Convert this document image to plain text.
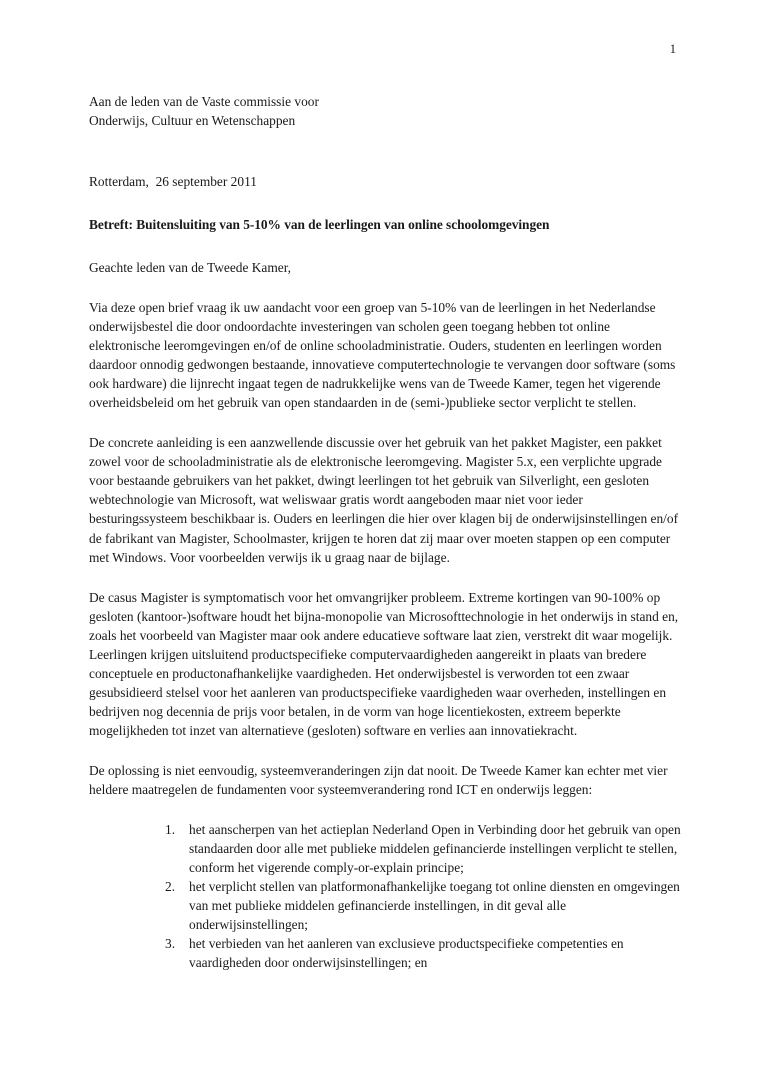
1
Aan de leden van de Vaste commissie voor
Onderwijs, Cultuur en Wetenschappen
Rotterdam,  26 september 2011
Betreft: Buitensluiting van 5-10% van de leerlingen van online schoolomgevingen
Geachte leden van de Tweede Kamer,

Via deze open brief vraag ik uw aandacht voor een groep van 5-10% van de leerlingen in het Nederlandse onderwijsbestel die door ondoordachte investeringen van scholen geen toegang hebben tot online elektronische leeromgevingen en/of de online schooladministratie. Ouders, studenten en leerlingen worden daardoor onnodig gedwongen bestaande, innovatieve computertechnologie te vervangen door software (soms ook hardware) die lijnrecht ingaat tegen de nadrukkelijke wens van de Tweede Kamer, tegen het vigerende overheidsbeleid om het gebruik van open standaarden in de (semi-)publieke sector verplicht te stellen.

De concrete aanleiding is een aanzwellende discussie over het gebruik van het pakket Magister, een pakket zowel voor de schooladministratie als de elektronische leeromgeving. Magister 5.x, een verplichte upgrade voor bestaande gebruikers van het pakket, dwingt leerlingen tot het gebruik van Silverlight, een gesloten webtechnologie van Microsoft, wat weliswaar gratis wordt aangeboden maar niet voor ieder besturingssysteem beschikbaar is. Ouders en leerlingen die hier over klagen bij de onderwijsinstellingen en/of de fabrikant van Magister, Schoolmaster, krijgen te horen dat zij maar over moeten stappen op een computer met Windows. Voor voorbeelden verwijs ik u graag naar de bijlage.

De casus Magister is symptomatisch voor het omvangrijker probleem. Extreme kortingen van 90-100% op gesloten (kantoor-)software houdt het bijna-monopolie van Microsofttechnologie in het onderwijs in stand en, zoals het voorbeeld van Magister maar ook andere educatieve software laat zien, verstrekt dit waar mogelijk. Leerlingen krijgen uitsluitend productspecifieke computervaardigheden aangereikt in plaats van bredere conceptuele en productonafhankelijke vaardigheden. Het onderwijsbestel is verworden tot een zwaar gesubsidieerd stelsel voor het aanleren van productspecifieke vaardigheden waar overheden, instellingen en bedrijven nog decennia de prijs voor betalen, in de vorm van hoge licentiekosten, extreem beperkte mogelijkheden tot inzet van alternatieve (gesloten) software en verlies aan innovatiekracht.

De oplossing is niet eenvoudig, systeemveranderingen zijn dat nooit. De Tweede Kamer kan echter met vier heldere maatregelen de fundamenten voor systeemverandering rond ICT en onderwijs leggen:

het aanscherpen van het actieplan Nederland Open in Verbinding door het gebruik van open standaarden door alle met publieke middelen gefinancierde instellingen verplicht te stellen, conform het vigerende comply-or-explain principe;
het verplicht stellen van platformonafhankelijke toegang tot online diensten en omgevingen van met publieke middelen gefinancierde instellingen, in dit geval alle onderwijsinstellingen;
het verbieden van het aanleren van exclusieve productspecifieke competenties en vaardigheden door onderwijsinstellingen; en
